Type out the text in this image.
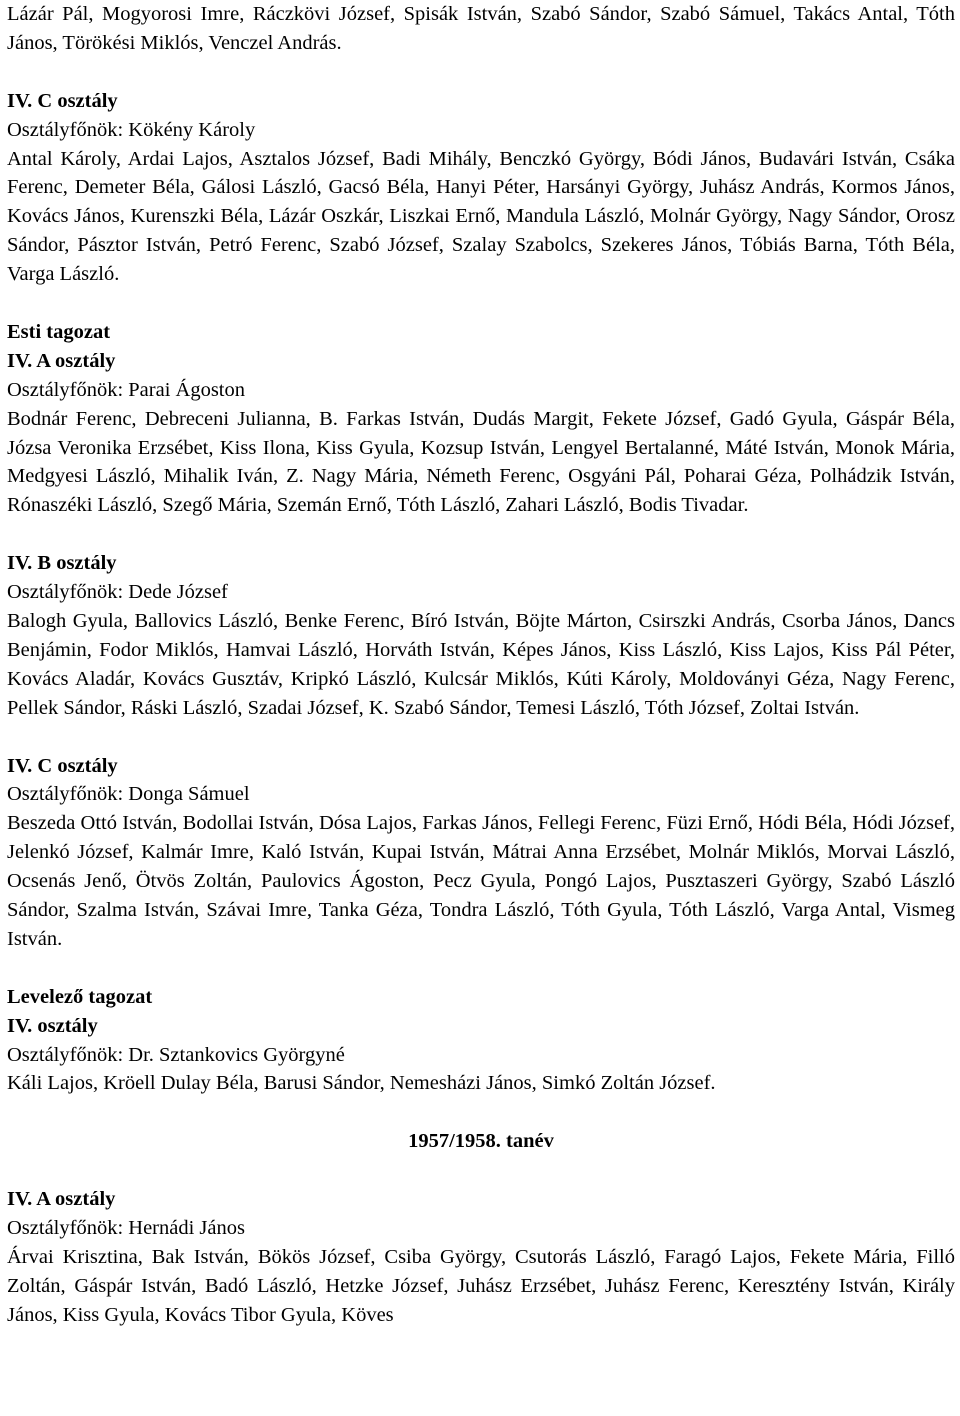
Lázár Pál, Mogyorosi Imre, Ráczkövi József, Spisák István, Szabó Sándor, Szabó Sámuel, Takács Antal, Tóth János, Törökési Miklós, Venczel András.

IV. C osztály

Osztályfőnök: Kökény Károly

Antal Károly, Ardai Lajos, Asztalos József, Badi Mihály, Benczkó György, Bódi János, Budavári István, Csáka Ferenc, Demeter Béla, Gálosi László, Gacsó Béla, Hanyi Péter, Harsányi György, Juhász András, Kormos János, Kovács János, Kurenszki Béla, Lázár Oszkár, Liszkai Ernő, Mandula László, Molnár György, Nagy Sándor, Orosz Sándor, Pásztor István, Petró Ferenc, Szabó József, Szalay Szabolcs, Szekeres János, Tóbiás Barna, Tóth Béla, Varga László.

Esti tagozat

IV. A osztály

Osztályfőnök: Parai Ágoston

Bodnár Ferenc, Debreceni Julianna, B. Farkas István, Dudás Margit, Fekete József, Gadó Gyula, Gáspár Béla, Józsa Veronika Erzsébet, Kiss Ilona, Kiss Gyula, Kozsup István, Lengyel Bertalanné, Máté István, Monok Mária, Medgyesi László, Mihalik Iván, Z. Nagy Mária, Németh Ferenc, Osgyáni Pál, Poharai Géza, Polhádzik István, Rónaszéki László, Szegő Mária, Szemán Ernő, Tóth László, Zahari László, Bodis Tivadar.

IV. B osztály

Osztályfőnök: Dede József

Balogh Gyula, Ballovics László, Benke Ferenc, Bíró István, Böjte Márton, Csirszki András, Csorba János, Dancs Benjámin, Fodor Miklós, Hamvai László, Horváth István, Képes János, Kiss László, Kiss Lajos, Kiss Pál Péter, Kovács Aladár, Kovács Gusztáv, Kripkó László, Kulcsár Miklós, Kúti Károly, Moldoványi Géza, Nagy Ferenc, Pellek Sándor, Ráski László, Szadai József, K. Szabó Sándor, Temesi László, Tóth József, Zoltai István.

IV. C osztály

Osztályfőnök: Donga Sámuel

Beszeda Ottó István, Bodollai István, Dósa Lajos, Farkas János, Fellegi Ferenc, Füzi Ernő, Hódi Béla, Hódi József, Jelenkó József, Kalmár Imre, Kaló István, Kupai István, Mátrai Anna Erzsébet, Molnár Miklós, Morvai László, Ocsenás Jenő, Ötvös Zoltán, Paulovics Ágoston, Pecz Gyula, Pongó Lajos, Pusztaszeri György, Szabó László Sándor, Szalma István, Szávai Imre, Tanka Géza, Tondra László, Tóth Gyula, Tóth László, Varga Antal, Vismeg István.

Levelező tagozat

IV. osztály

Osztályfőnök: Dr. Sztankovics Györgyné

Káli Lajos, Kröell Dulay Béla, Barusi Sándor, Nemesházi János, Simkó Zoltán József.

1957/1958. tanév

IV. A osztály

Osztályfőnök: Hernádi János

Árvai Krisztina, Bak István, Bökös József, Csiba György, Csutorás László, Faragó Lajos, Fekete Mária, Filló Zoltán, Gáspár István, Badó László, Hetzke József, Juhász Erzsébet, Juhász Ferenc, Keresztény István, Király János, Kiss Gyula, Kovács Tibor Gyula, Köves
